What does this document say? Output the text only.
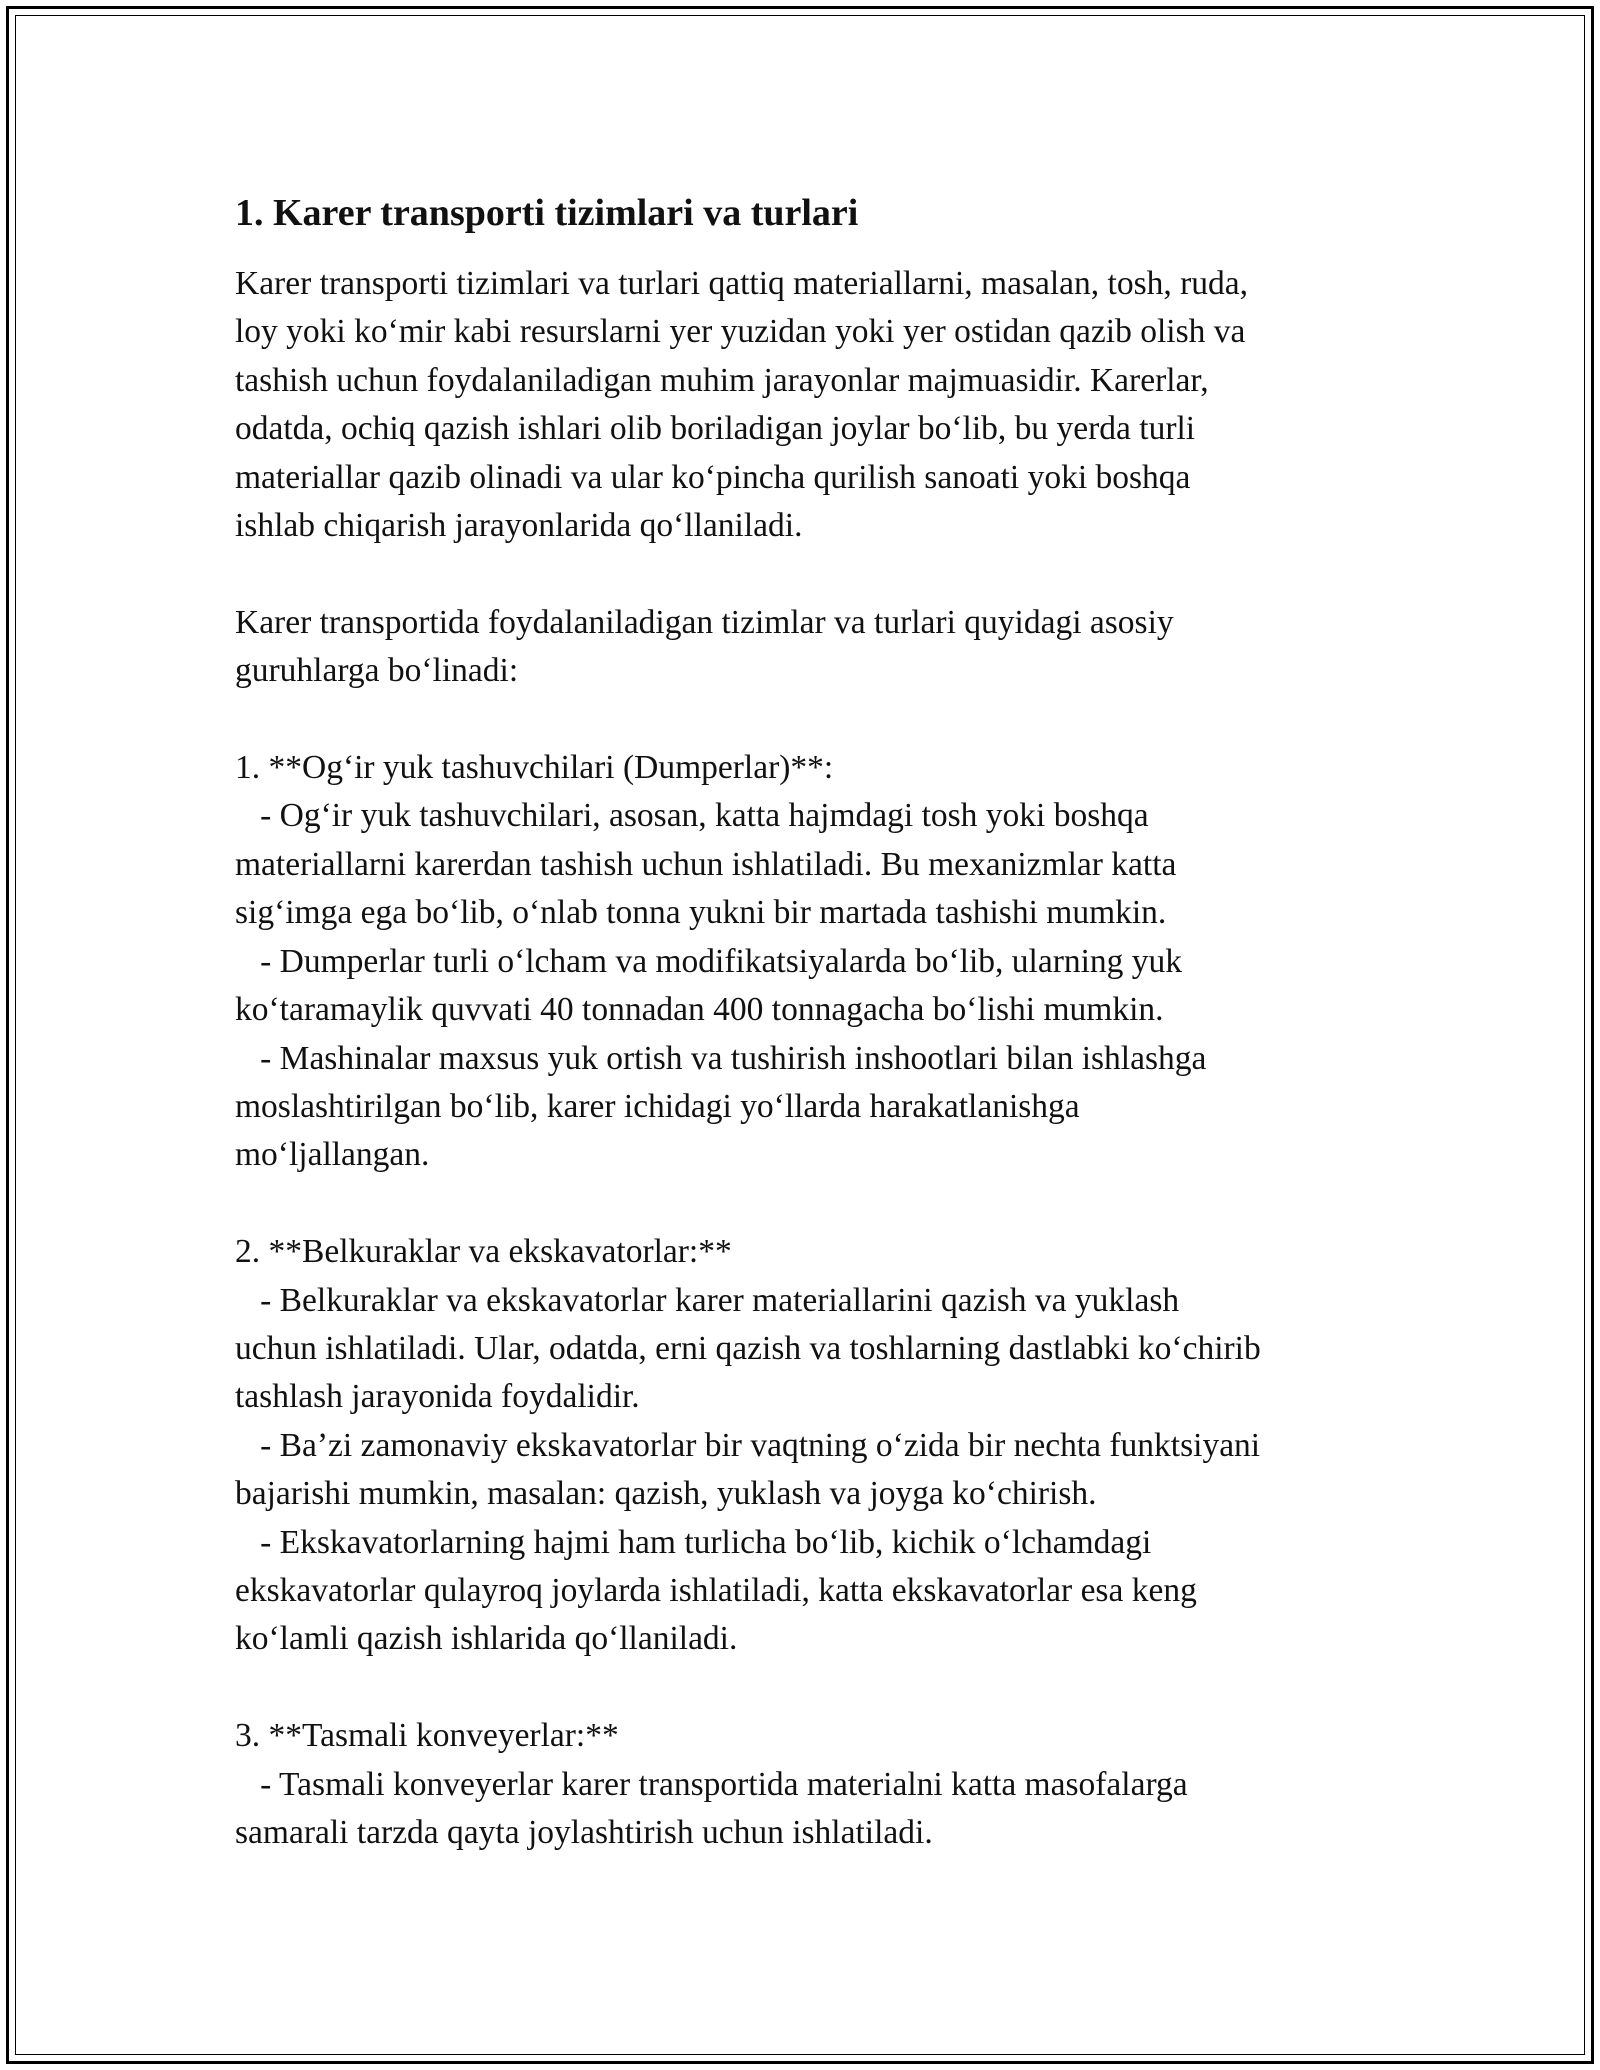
1. Karer transporti tizimlari va turlari

Karer transporti tizimlari va turlari qattiq materiallarni, masalan, tosh, ruda,
loy yoki koʻmir kabi resurslarni yer yuzidan yoki yer ostidan qazib olish va
tashish uchun foydalaniladigan muhim jarayonlar majmuasidir. Karerlar,
odatda, ochiq qazish ishlari olib boriladigan joylar boʻlib, bu yerda turli
materiallar qazib olinadi va ular koʻpincha qurilish sanoati yoki boshqa
ishlab chiqarish jarayonlarida qoʻllaniladi.

Karer transportida foydalaniladigan tizimlar va turlari quyidagi asosiy
guruhlarga boʻlinadi:

1. **Ogʻir yuk tashuvchilari (Dumperlar)**:
- Ogʻir yuk tashuvchilari, asosan, katta hajmdagi tosh yoki boshqa
materiallarni karerdan tashish uchun ishlatiladi. Bu mexanizmlar katta
sigʻimga ega boʻlib, oʻnlab tonna yukni bir martada tashishi mumkin.
- Dumperlar turli oʻlcham va modifikatsiyalarda boʻlib, ularning yuk
koʻtaramaylik quvvati 40 tonnadan 400 tonnagacha boʻlishi mumkin.
- Mashinalar maxsus yuk ortish va tushirish inshootlari bilan ishlashga
moslashtirilgan boʻlib, karer ichidagi yoʻllarda harakatlanishga
moʻljallangan.

2. **Belkuraklar va ekskavatorlar:**
- Belkuraklar va ekskavatorlar karer materiallarini qazish va yuklash
uchun ishlatiladi. Ular, odatda, erni qazish va toshlarning dastlabki koʻchirib
tashlash jarayonida foydalidir.
- Baʼzi zamonaviy ekskavatorlar bir vaqtning oʻzida bir nechta funktsiyani
bajarishi mumkin, masalan: qazish, yuklash va joyga koʻchirish.
- Ekskavatorlarning hajmi ham turlicha boʻlib, kichik oʻlchamdagi
ekskavatorlar qulayroq joylarda ishlatiladi, katta ekskavatorlar esa keng
koʻlamli qazish ishlarida qoʻllaniladi.

3. **Tasmali konveyerlar:**
- Tasmali konveyerlar karer transportida materialni katta masofalarga
samarali tarzda qayta joylashtirish uchun ishlatiladi.
